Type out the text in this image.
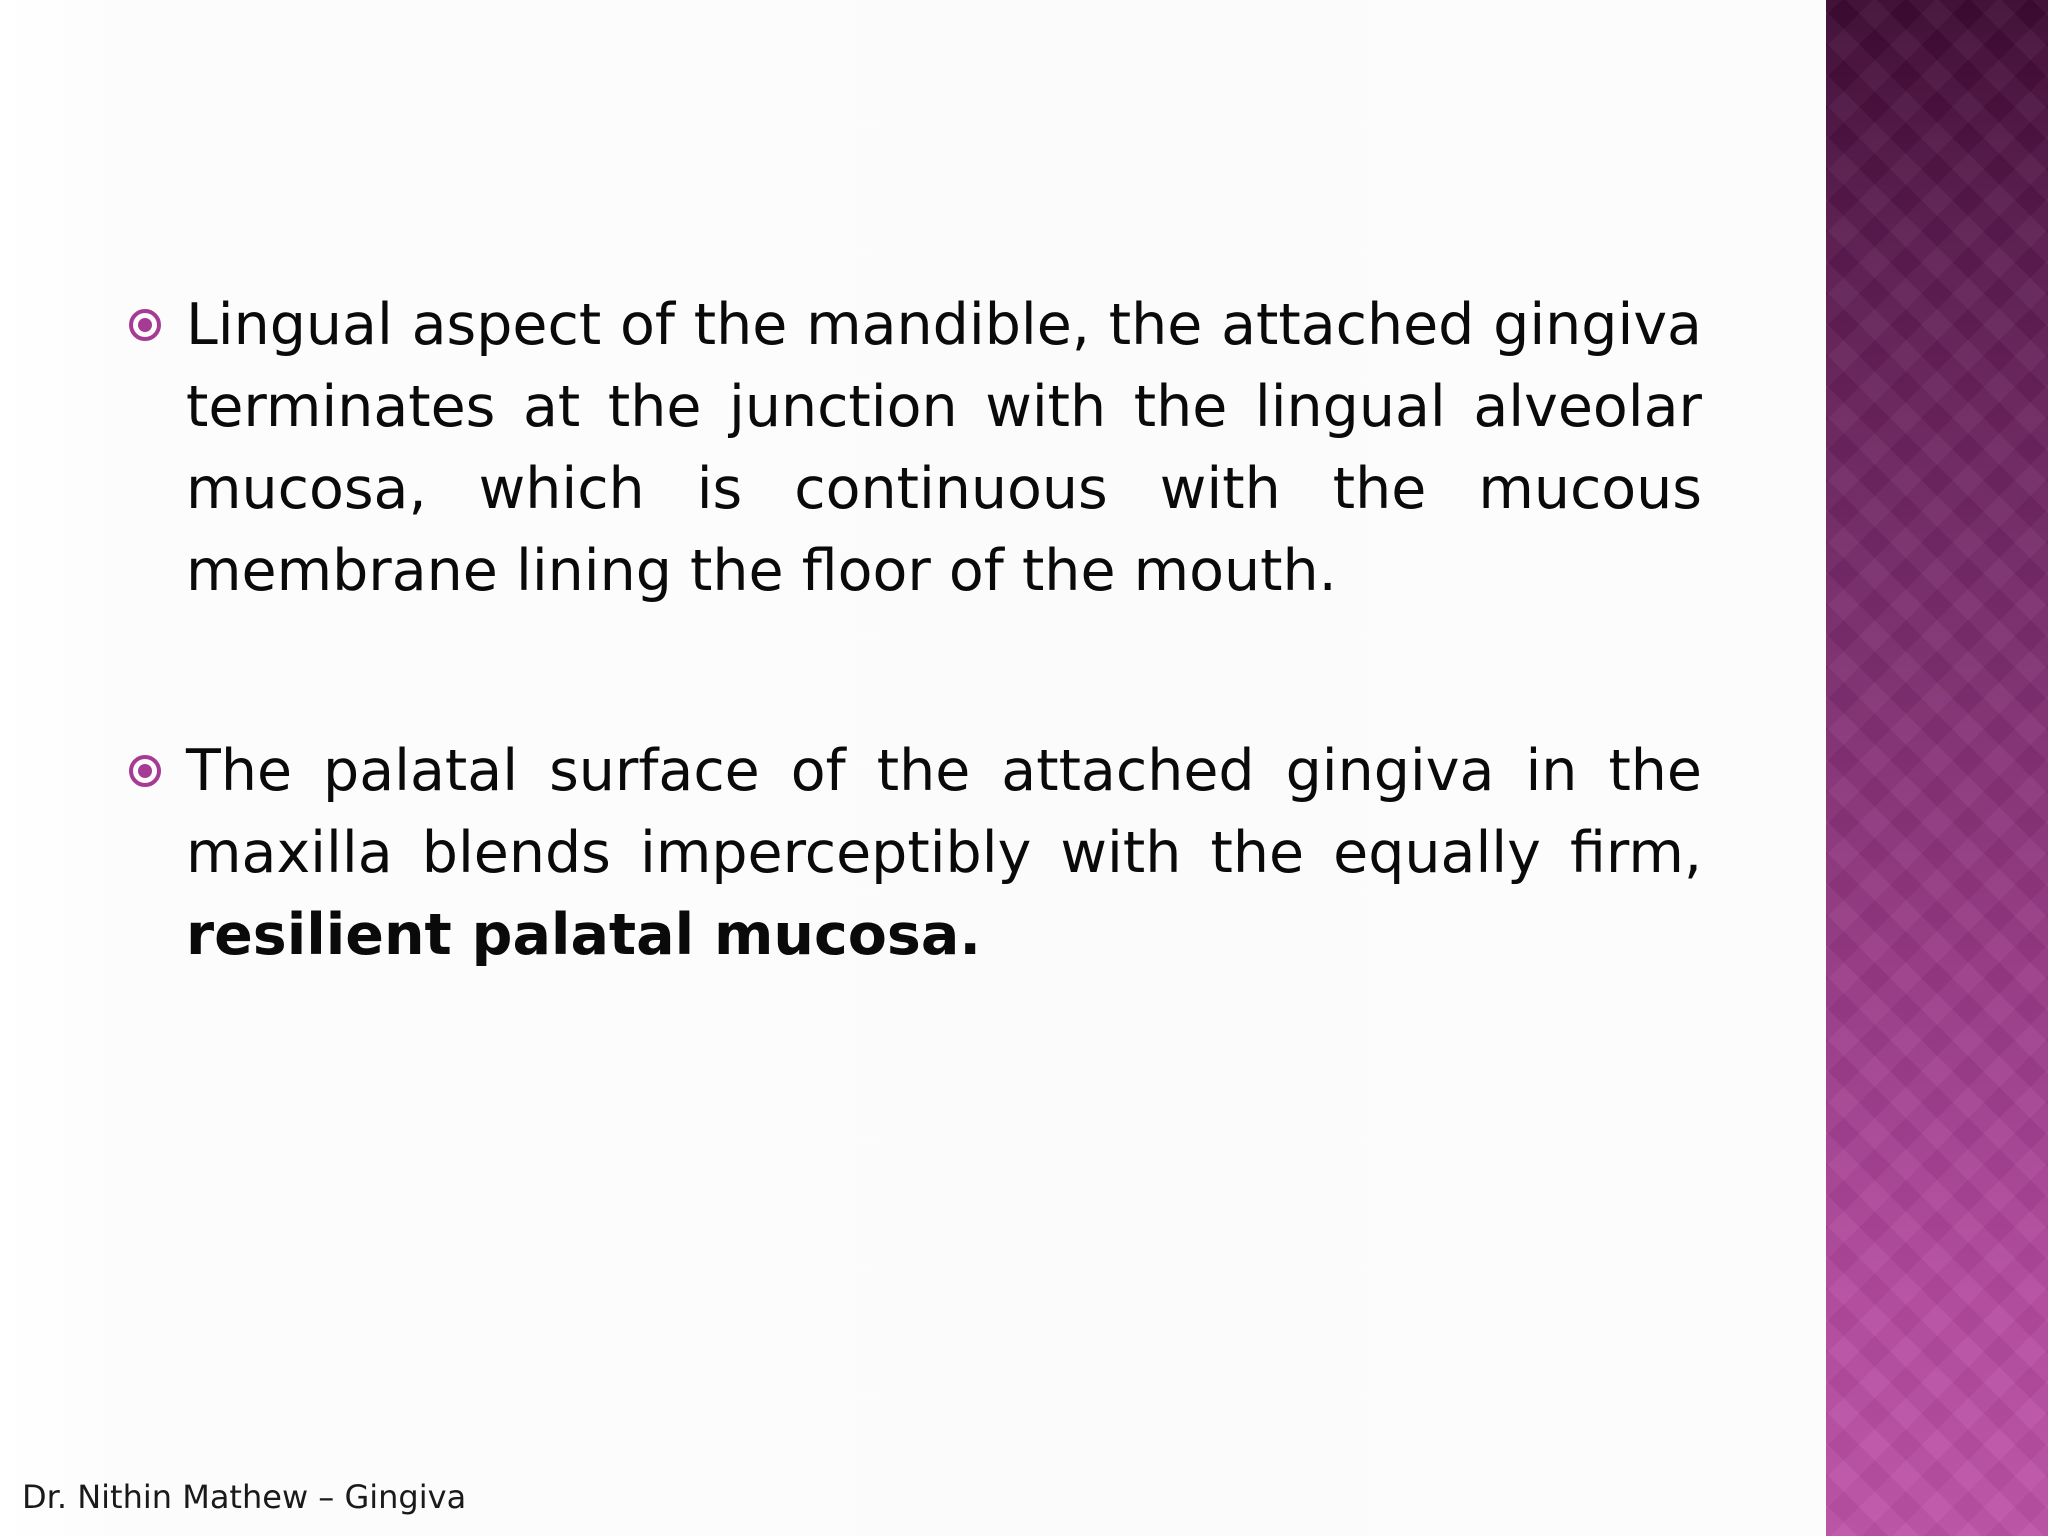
Lingual aspect of the mandible, the attached gingiva terminates at the junction with the lingual alveolar mucosa, which is continuous with the mucous membrane lining the floor of the mouth.
The palatal surface of the attached gingiva in the maxilla blends imperceptibly with the equally firm, resilient palatal mucosa.
Dr. Nithin Mathew – Gingiva
